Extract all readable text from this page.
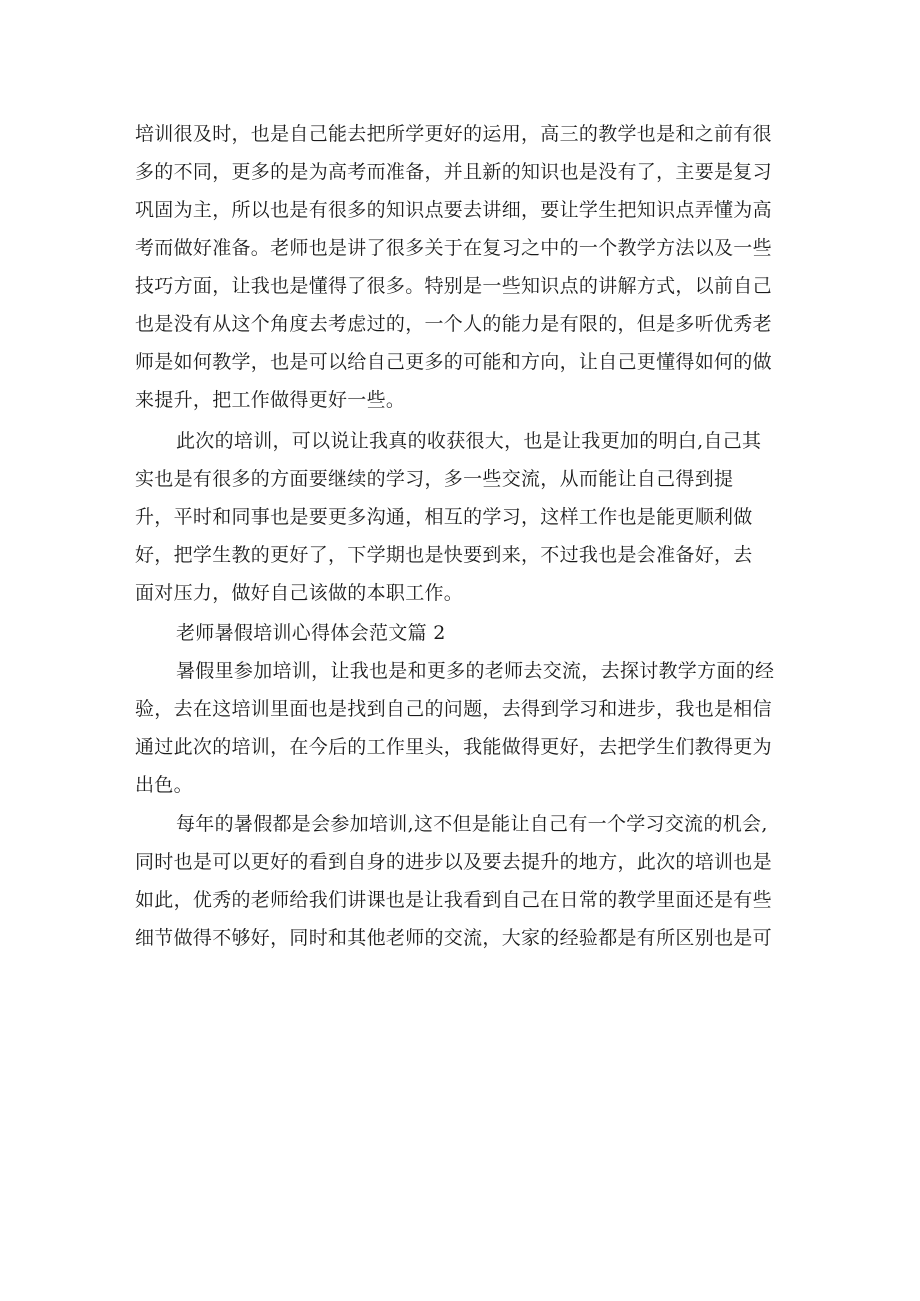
培训很及时，也是自己能去把所学更好的运用，高三的教学也是和之前有很
多的不同，更多的是为高考而准备，并且新的知识也是没有了，主要是复习
巩固为主，所以也是有很多的知识点要去讲细，要让学生把知识点弄懂为高
考而做好准备。老师也是讲了很多关于在复习之中的一个教学方法以及一些
技巧方面，让我也是懂得了很多。特别是一些知识点的讲解方式，以前自己
也是没有从这个角度去考虑过的，一个人的能力是有限的，但是多听优秀老
师是如何教学，也是可以给自己更多的可能和方向，让自己更懂得如何的做
来提升，把工作做得更好一些。
此次的培训，可以说让我真的收获很大，也是让我更加的明白,自己其
实也是有很多的方面要继续的学习，多一些交流，从而能让自己得到提
升，平时和同事也是要更多沟通，相互的学习，这样工作也是能更顺利做
好，把学生教的更好了，下学期也是快要到来，不过我也是会准备好，去
面对压力，做好自己该做的本职工作。
老师暑假培训心得体会范文篇 2
暑假里参加培训，让我也是和更多的老师去交流，去探讨教学方面的经
验，去在这培训里面也是找到自己的问题，去得到学习和进步，我也是相信
通过此次的培训，在今后的工作里头，我能做得更好，去把学生们教得更为
出色。
每年的暑假都是会参加培训,这不但是能让自己有一个学习交流的机会,
同时也是可以更好的看到自身的进步以及要去提升的地方，此次的培训也是
如此，优秀的老师给我们讲课也是让我看到自己在日常的教学里面还是有些
细节做得不够好，同时和其他老师的交流，大家的经验都是有所区别也是可
